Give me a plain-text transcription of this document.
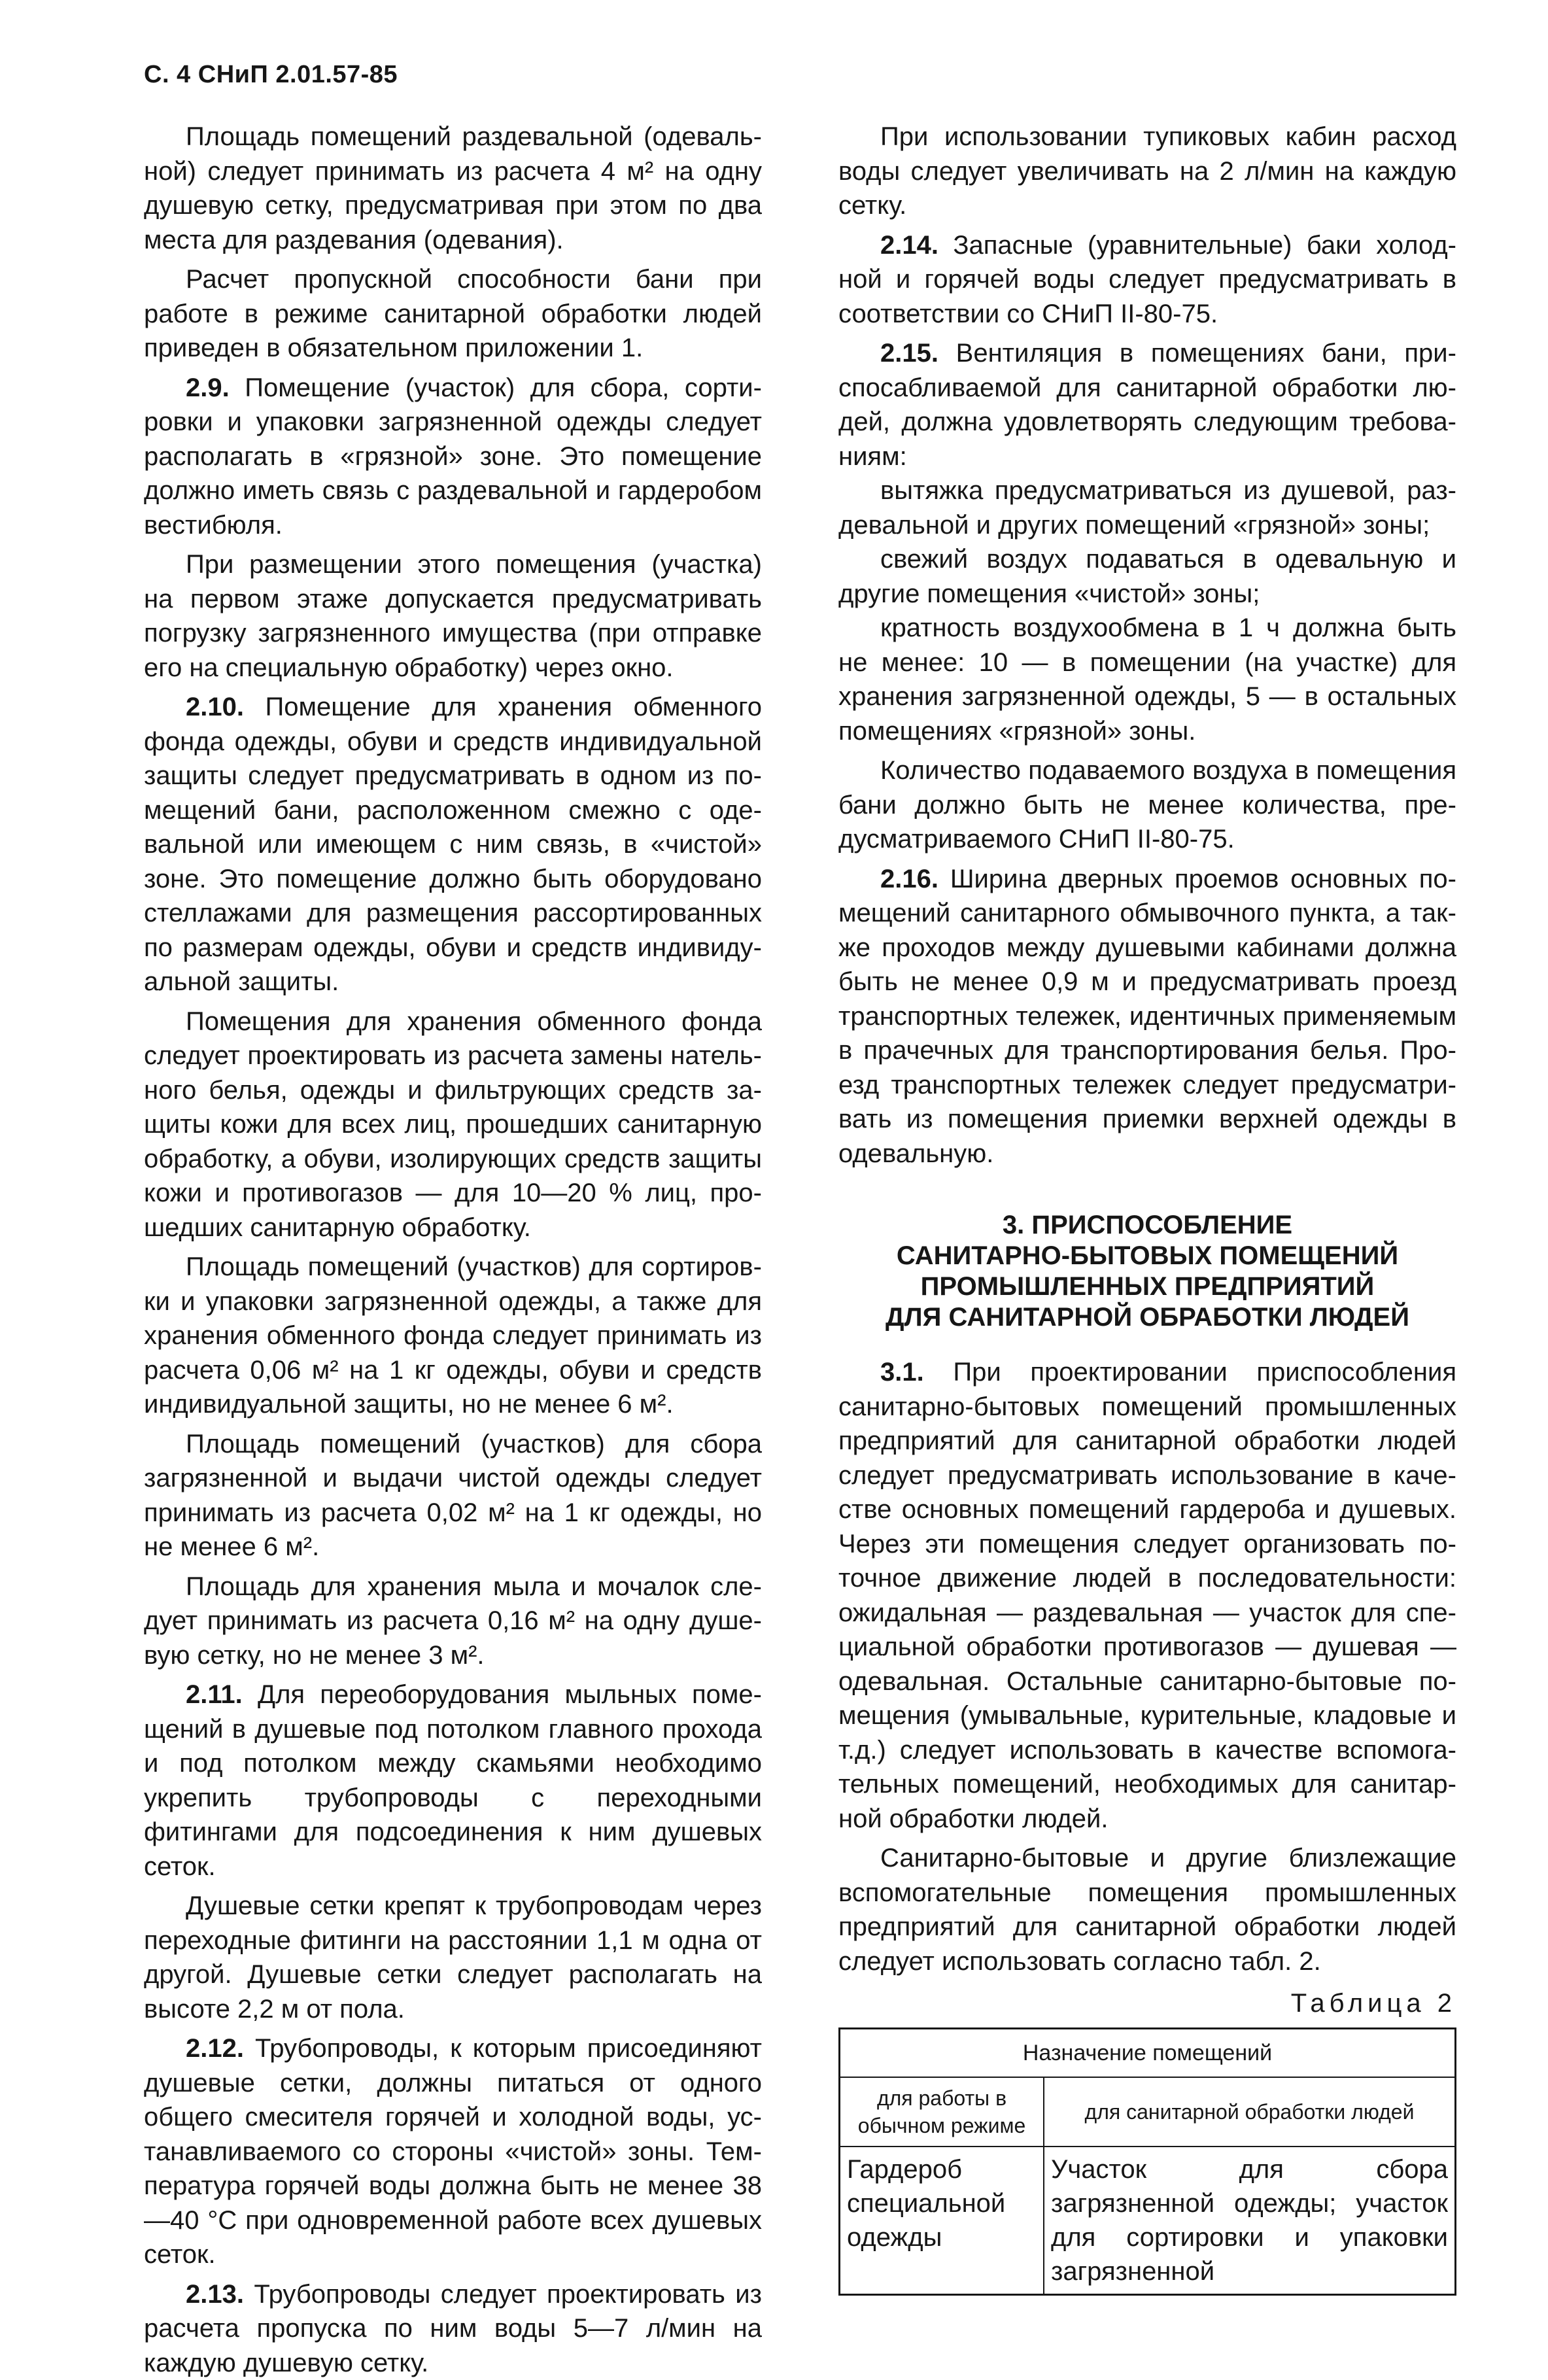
С. 4 СНиП 2.01.57-85

Площадь помещений раздевальной (одевальной) следует принимать из расчета 4 м² на одну душевую сетку, предусматривая при этом по два места для раздевания (одевания).

Расчет пропускной способности бани при работе в режиме санитарной обработки людей приведен в обязательном приложении 1.

2.9. Помещение (участок) для сбора, сортировки и упаковки загрязненной одежды следует располагать в «грязной» зоне. Это помещение должно иметь связь с раздевальной и гардеробом вестибюля.

При размещении этого помещения (участка) на первом этаже допускается предусматривать погрузку загрязненного имущества (при отправке его на специальную обработку) через окно.

2.10. Помещение для хранения обменного фонда одежды, обуви и средств индивидуальной защиты следует предусматривать в одном из помещений бани, расположенном смежно с одевальной или имеющем с ним связь, в «чистой» зоне. Это помещение должно быть оборудовано стеллажами для размещения рассортированных по размерам одежды, обуви и средств индивидуальной защиты.

Помещения для хранения обменного фонда следует проектировать из расчета замены нательного белья, одежды и фильтрующих средств защиты кожи для всех лиц, прошедших санитарную обработку, а обуви, изолирующих средств защиты кожи и противогазов — для 10—20 % лиц, прошедших санитарную обработку.

Площадь помещений (участков) для сортировки и упаковки загрязненной одежды, а также для хранения обменного фонда следует принимать из расчета 0,06 м² на 1 кг одежды, обуви и средств индивидуальной защиты, но не менее 6 м².

Площадь помещений (участков) для сбора загрязненной и выдачи чистой одежды следует принимать из расчета 0,02 м² на 1 кг одежды, но не менее 6 м².

Площадь для хранения мыла и мочалок следует принимать из расчета 0,16 м² на одну душевую сетку, но не менее 3 м².

2.11. Для переоборудования мыльных помещений в душевые под потолком главного прохода и под потолком между скамьями необходимо укрепить трубопроводы с переходными фитингами для подсоединения к ним душевых сеток.

Душевые сетки крепят к трубопроводам через переходные фитинги на расстоянии 1,1 м одна от другой. Душевые сетки следует располагать на высоте 2,2 м от пола.

2.12. Трубопроводы, к которым присоединяют душевые сетки, должны питаться от одного общего смесителя горячей и холодной воды, устанавливаемого со стороны «чистой» зоны. Температура горячей воды должна быть не менее 38—40 °С при одновременной работе всех душевых сеток.

2.13. Трубопроводы следует проектировать из расчета пропуска по ним воды 5—7 л/мин на каждую душевую сетку.

При использовании тупиковых кабин расход воды следует увеличивать на 2 л/мин на каждую сетку.

2.14. Запасные (уравнительные) баки холодной и горячей воды следует предусматривать в соответствии со СНиП II-80-75.

2.15. Вентиляция в помещениях бани, приспосабливаемой для санитарной обработки людей, должна удовлетворять следующим требованиям:

вытяжка предусматриваться из душевой, раздевальной и других помещений «грязной» зоны;

свежий воздух подаваться в одевальную и другие помещения «чистой» зоны;

кратность воздухообмена в 1 ч должна быть не менее: 10 — в помещении (на участке) для хранения загрязненной одежды, 5 — в остальных помещениях «грязной» зоны.

Количество подаваемого воздуха в помещения бани должно быть не менее количества, предусматриваемого СНиП II-80-75.

2.16. Ширина дверных проемов основных помещений санитарного обмывочного пункта, а также проходов между душевыми кабинами должна быть не менее 0,9 м и предусматривать проезд транспортных тележек, идентичных применяемым в прачечных для транспортирования белья. Проезд транспортных тележек следует предусматривать из помещения приемки верхней одежды в одевальную.

3. ПРИСПОСОБЛЕНИЕ
САНИТАРНО-БЫТОВЫХ ПОМЕЩЕНИЙ
ПРОМЫШЛЕННЫХ ПРЕДПРИЯТИЙ
ДЛЯ САНИТАРНОЙ ОБРАБОТКИ ЛЮДЕЙ

3.1. При проектировании приспособления санитарно-бытовых помещений промышленных предприятий для санитарной обработки людей следует предусматривать использование в качестве основных помещений гардероба и душевых. Через эти помещения следует организовать поточное движение людей в последовательности: ожидальная — раздевальная — участок для специальной обработки противогазов — душевая — одевальная. Остальные санитарно-бытовые помещения (умывальные, курительные, кладовые и т.д.) следует использовать в качестве вспомогательных помещений, необходимых для санитарной обработки людей.

Санитарно-бытовые и другие близлежащие вспомогательные помещения промышленных предприятий для санитарной обработки людей следует использовать согласно табл. 2.

Таблица 2
Назначение помещений	
для работы в обычном режиме	для санитарной обработки людей
Гардероб специальной одежды	Участок для сбора загрязненной одежды; участок для сортировки и упаковки загрязненной
